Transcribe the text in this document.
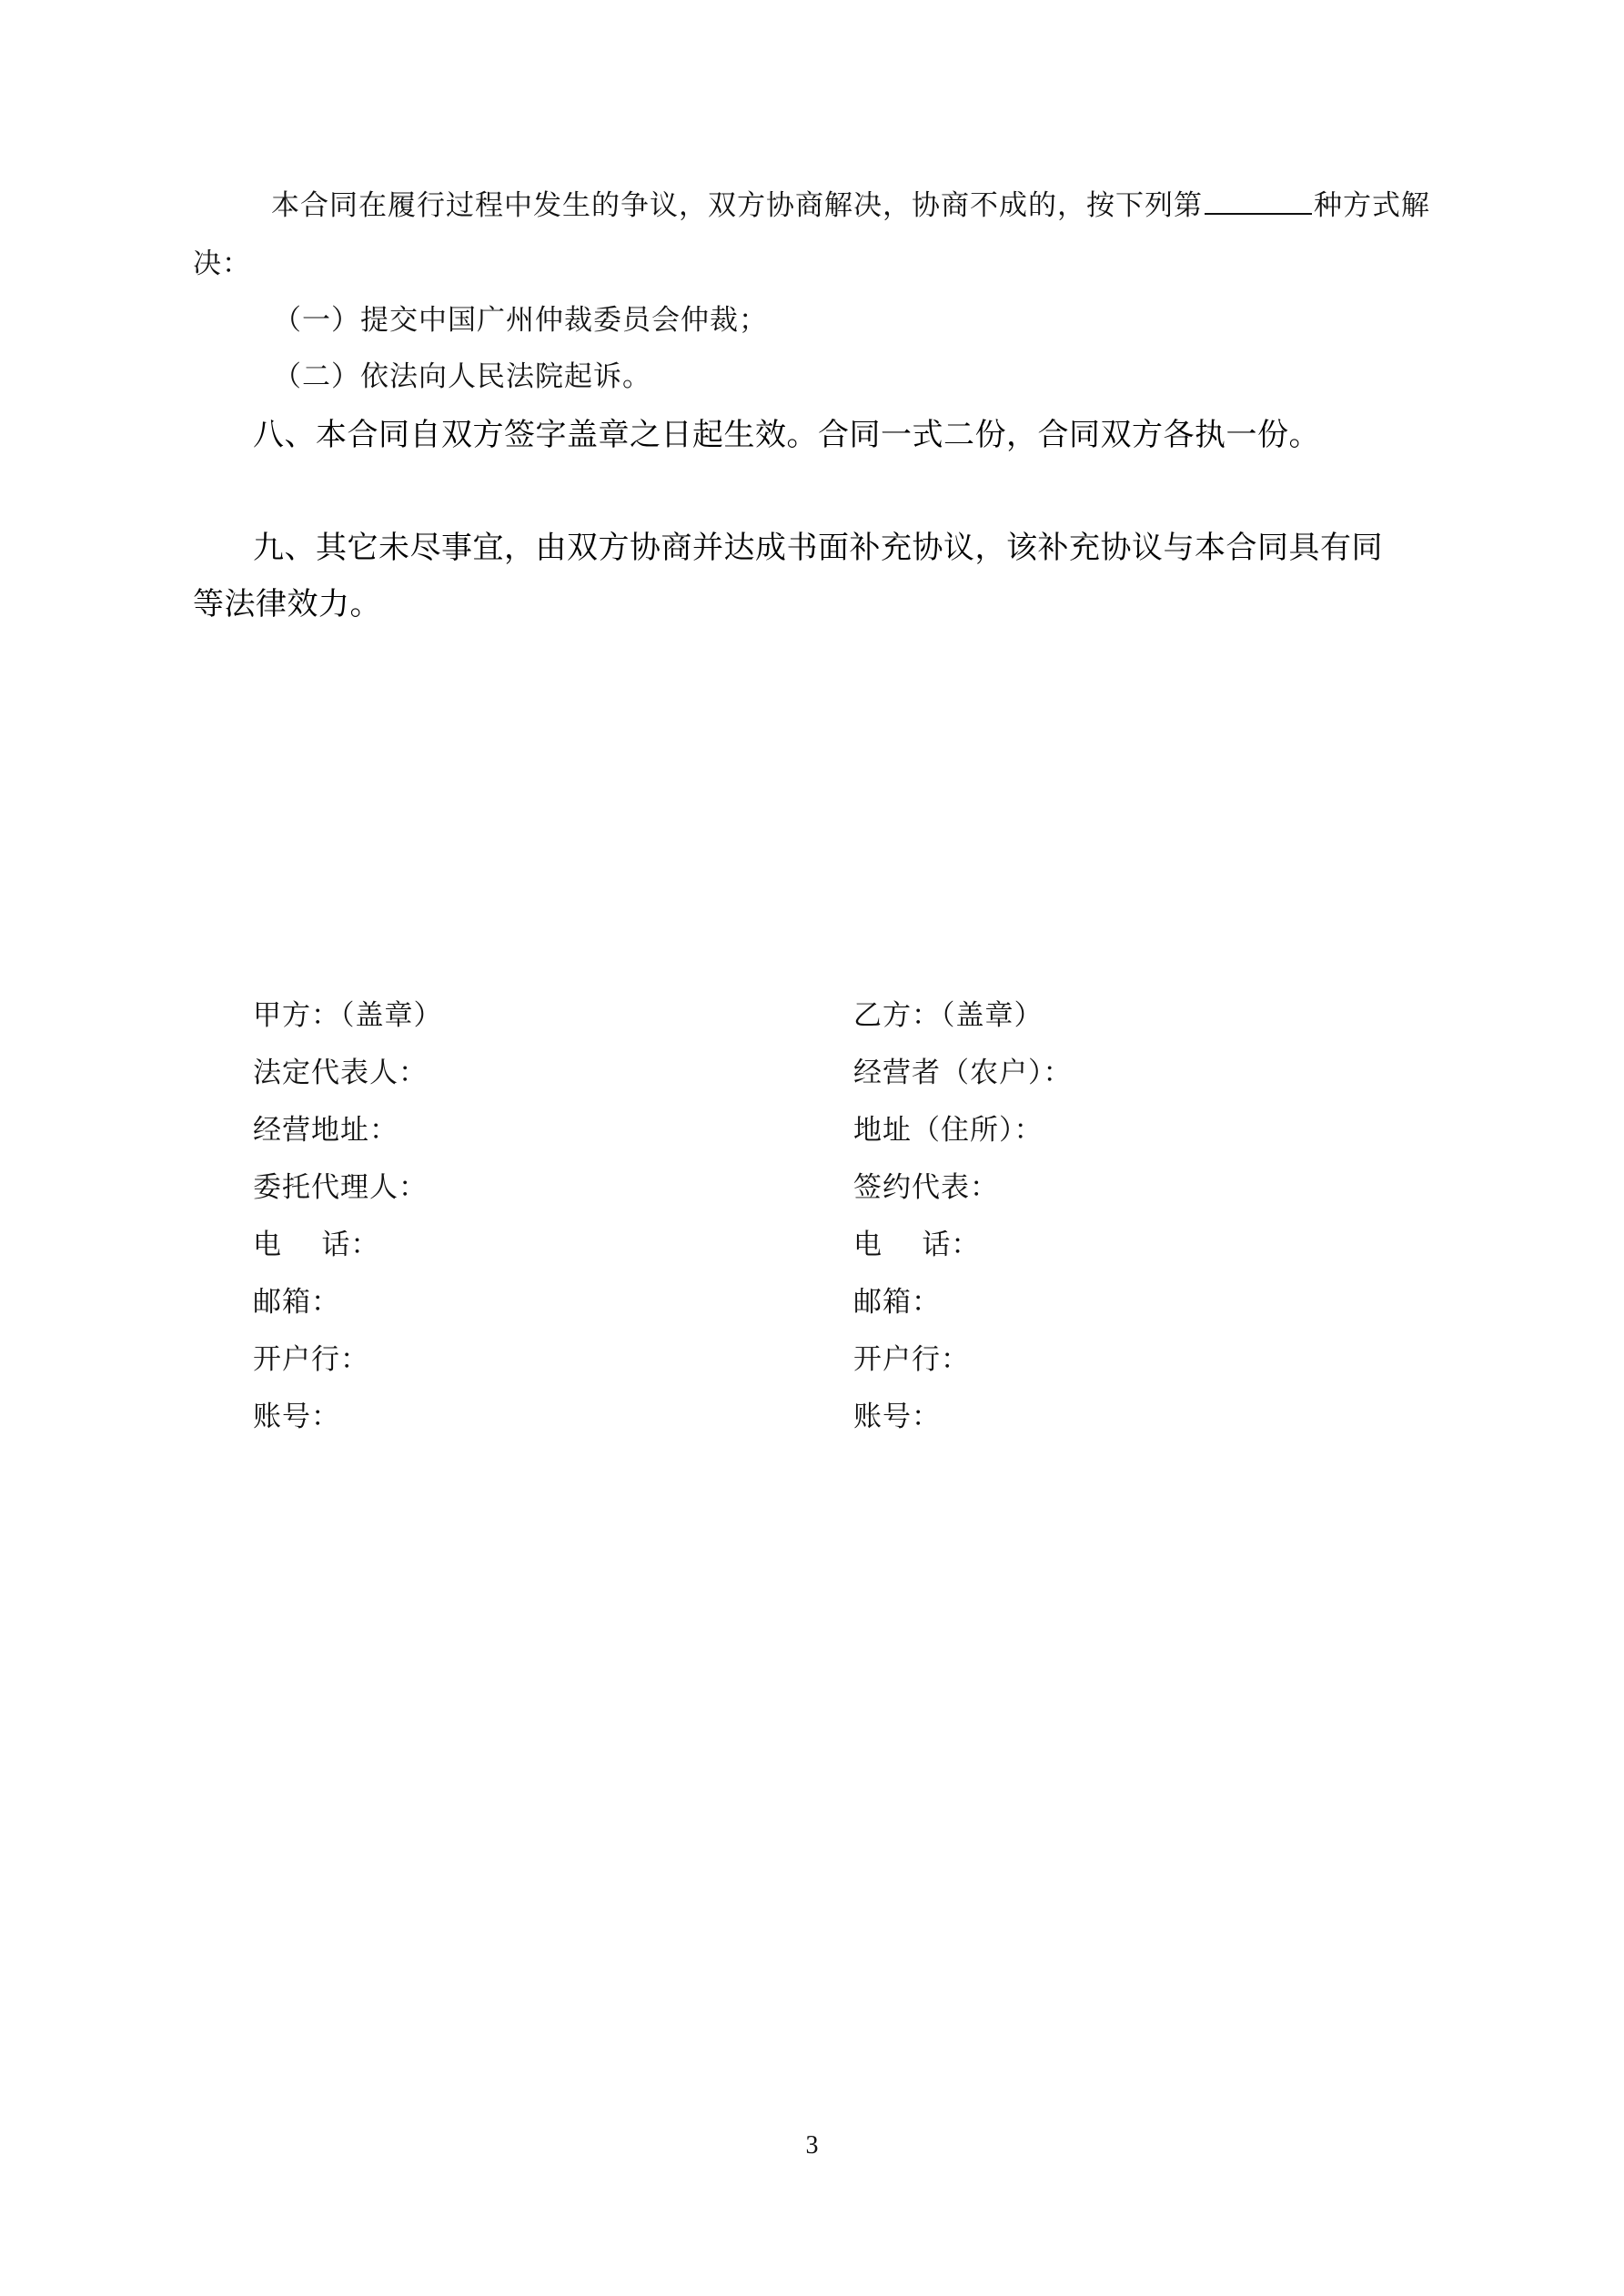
本合同在履行过程中发生的争议，双方协商解决，协商不成的，按下列第	种方式解
决：
（一）提交中国广州仲裁委员会仲裁；
（二）依法向人民法院起诉。
八、本合同自双方签字盖章之日起生效。合同一式二份，合同双方各执一份。
九、其它未尽事宜，由双方协商并达成书面补充协议，该补充协议与本合同具有同
等法律效力。
甲方：（盖章）
法定代表人：
经营地址：
委托代理人：
电    话：
邮箱：
开户行：
账号：
乙方：（盖章）
经营者（农户）：
地址（住所）：
签约代表：
电    话：
邮箱：
开户行：
账号：
3
